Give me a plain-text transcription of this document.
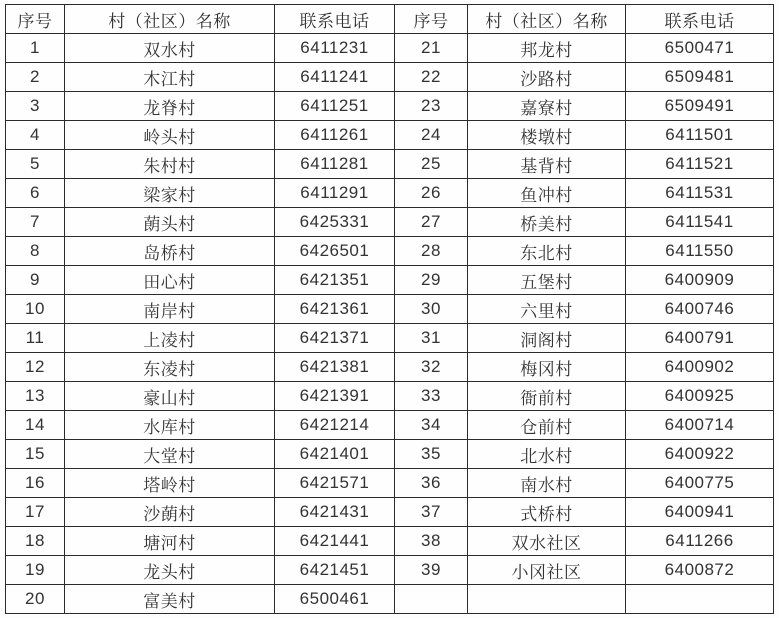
序号	村（社区）名称	联系电话	序号	村（社区）名称	联系电话
1	双水村	6411231	21	邦龙村	6500471
2	木江村	6411241	22	沙路村	6509481
3	龙脊村	6411251	23	嘉寮村	6509491
4	岭头村	6411261	24	楼墩村	6411501
5	朱村村	6411281	25	基背村	6411521
6	梁家村	6411291	26	鱼冲村	6411531
7	蓢头村	6425331	27	桥美村	6411541
8	岛桥村	6426501	28	东北村	6411550
9	田心村	6421351	29	五堡村	6400909
10	南岸村	6421361	30	六里村	6400746
11	上凌村	6421371	31	洞阁村	6400791
12	东凌村	6421381	32	梅冈村	6400902
13	豪山村	6421391	33	衙前村	6400925
14	水库村	6421214	34	仓前村	6400714
15	大堂村	6421401	35	北水村	6400922
16	塔岭村	6421571	36	南水村	6400775
17	沙蓢村	6421431	37	式桥村	6400941
18	塘河村	6421441	38	双水社区	6411266
19	龙头村	6421451	39	小冈社区	6400872
20	富美村	6500461			
